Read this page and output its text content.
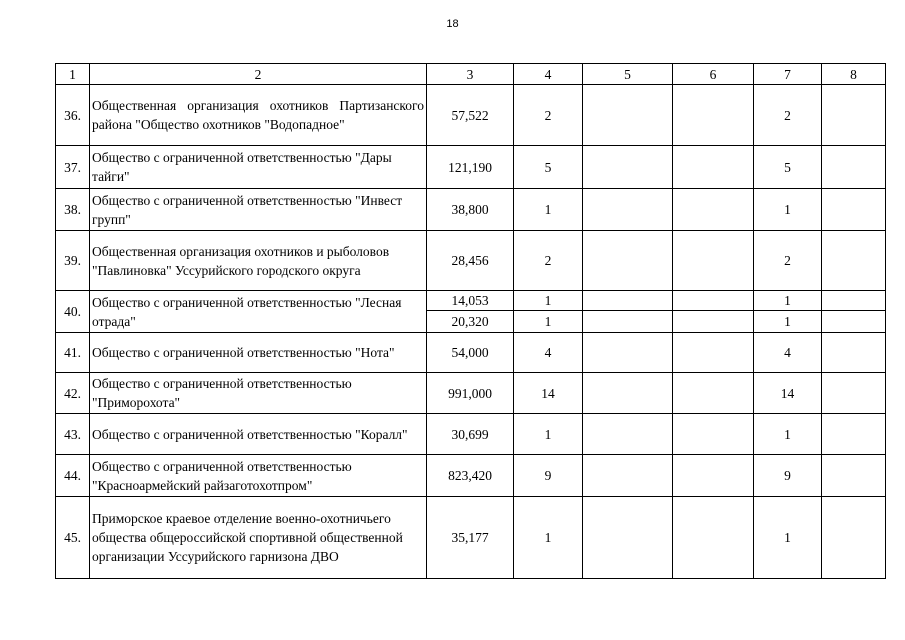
18
1	2	3	4	5	6	7	8
36.	Общественная организация охотников Партизанского района "Общество охотников "Водопадное"	57,522	2			2	
37.	Общество с ограниченной ответственностью "Дары тайги"	121,190	5			5	
38.	Общество с ограниченной ответственностью "Инвест групп"	38,800	1			1	
39.	Общественная организация охотников и рыболовов "Павлиновка" Уссурийского городского округа	28,456	2			2	
40.	Общество с ограниченной ответственностью "Лесная отрада"	14,053	1			1	
		20,320	1			1	
41.	Общество с ограниченной ответственностью "Нота"	54,000	4			4	
42.	Общество с ограниченной ответственностью "Приморохота"	991,000	14			14	
43.	Общество с ограниченной ответственностью "Коралл"	30,699	1			1	
44.	Общество с ограниченной ответственностью "Красноармейский райзаготохотпром"	823,420	9			9	
45.	Приморское краевое отделение военно-охотничьего общества общероссийской спортивной общественной организации Уссурийского гарнизона ДВО	35,177	1			1	
